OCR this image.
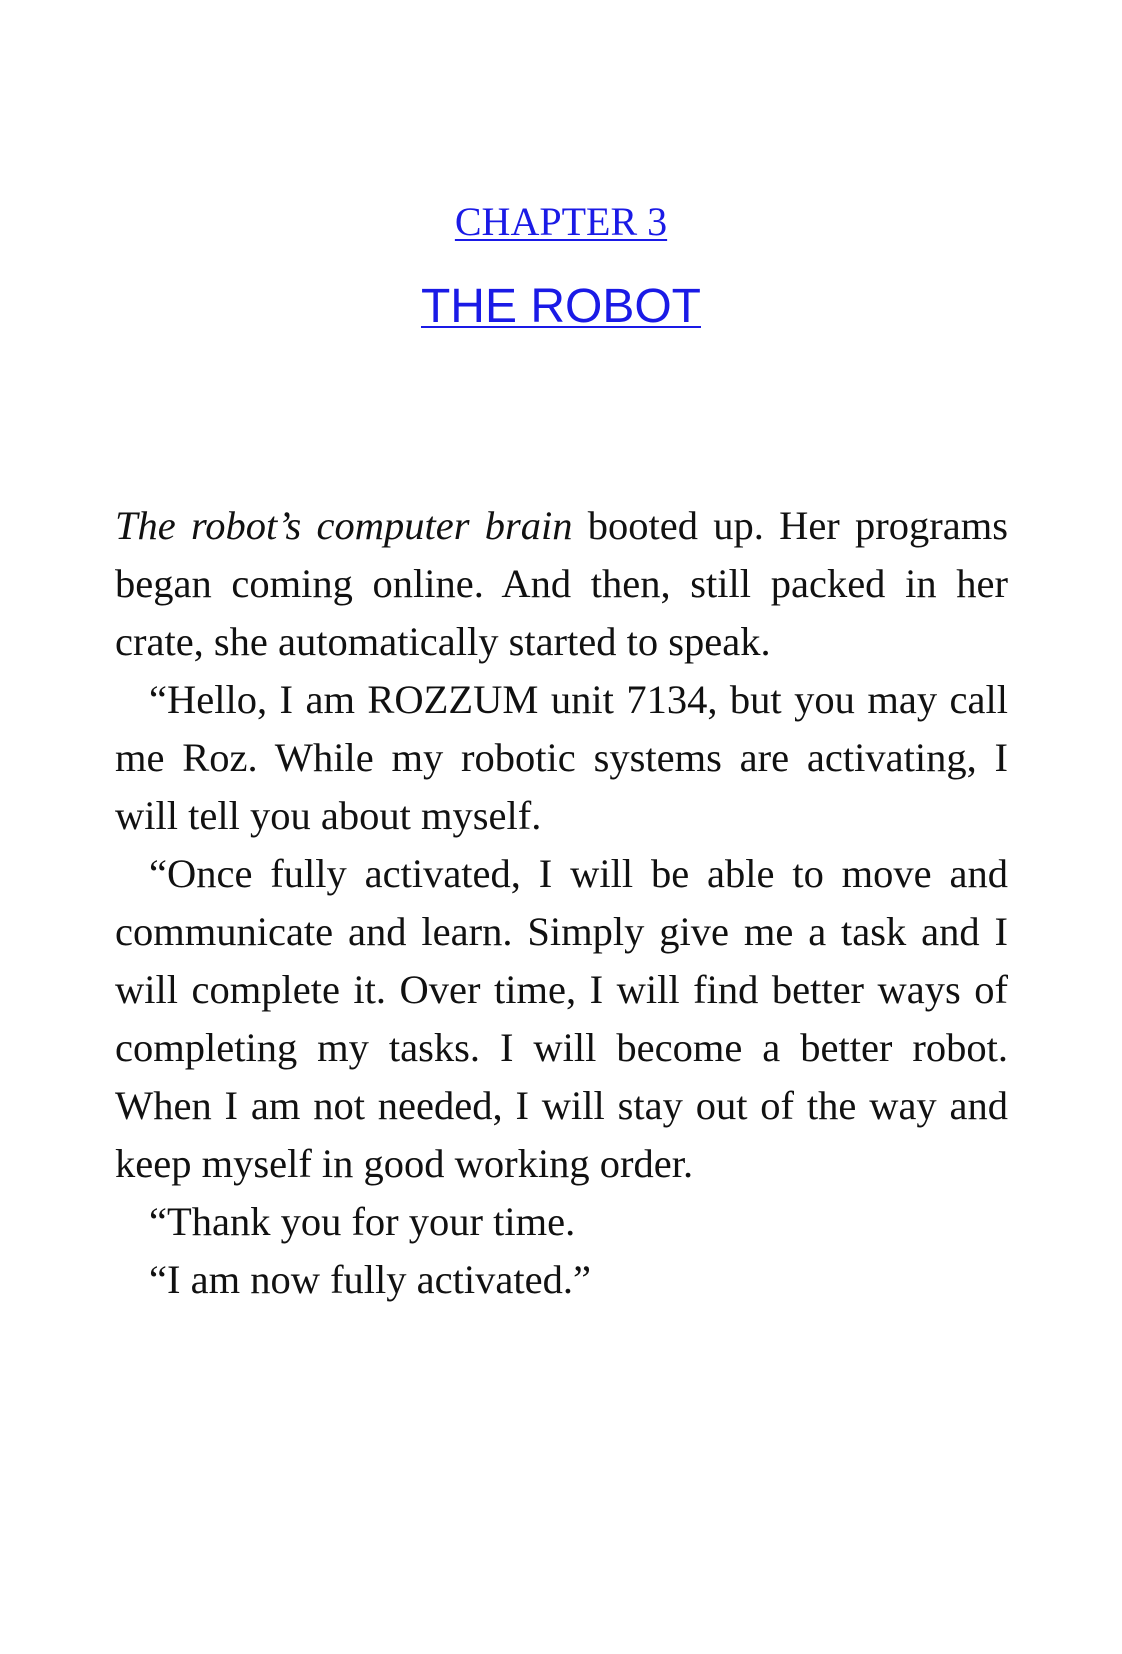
CHAPTER 3
THE ROBOT

The robot’s computer brain booted up. Her programs began coming online. And then, still packed in her crate, she automatically started to speak.

“Hello, I am ROZZUM unit 7134, but you may call me Roz. While my robotic systems are activating, I will tell you about myself.

“Once fully activated, I will be able to move and communicate and learn. Simply give me a task and I will complete it. Over time, I will find better ways of completing my tasks. I will become a better robot. When I am not needed, I will stay out of the way and keep myself in good working order.

“Thank you for your time.

“I am now fully activated.”
